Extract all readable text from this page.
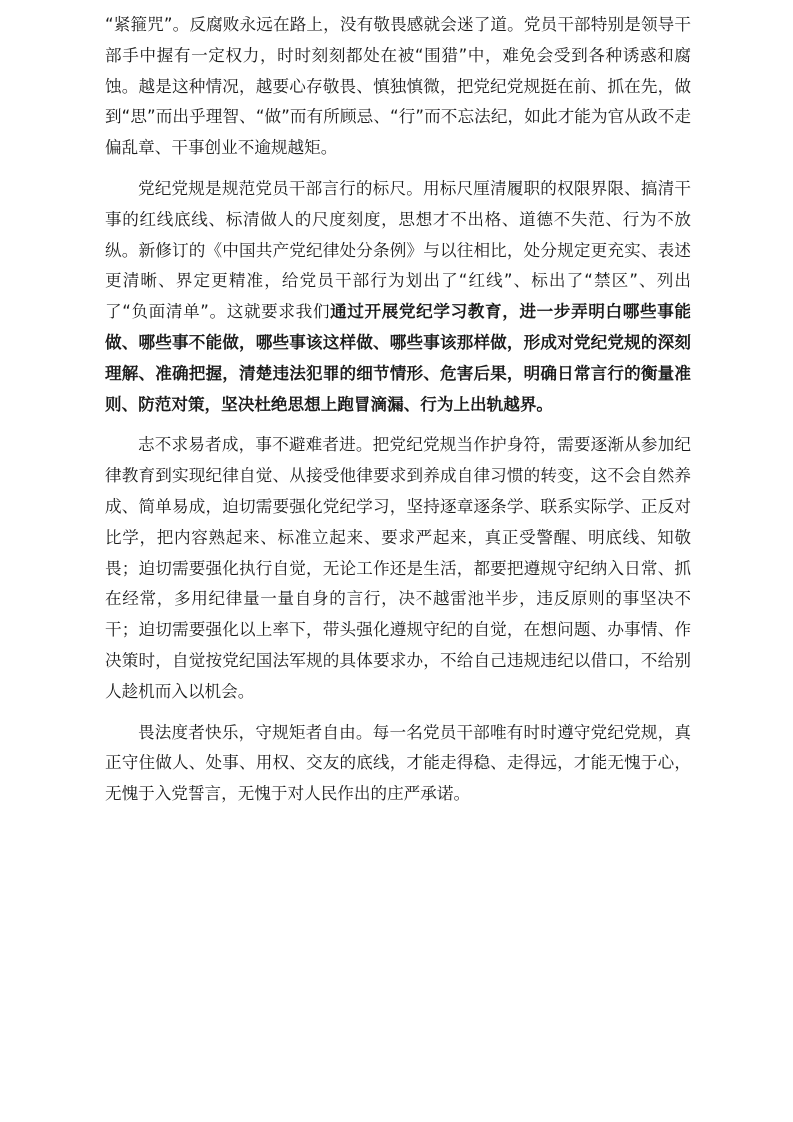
“紧箍咒”。反腐败永远在路上，没有敬畏感就会迷了道。党员干部特别是领导干部手中握有一定权力，时时刻刻都处在被“围猎”中，难免会受到各种诱惑和腐蚀。越是这种情况，越要心存敬畏、慎独慎微，把党纪党规挺在前、抓在先，做到“思”而出乎理智、“做”而有所顾忌、“行”而不忘法纪，如此才能为官从政不走偏乱章、干事创业不逾规越矩。

党纪党规是规范党员干部言行的标尺。用标尺厘清履职的权限界限、搞清干事的红线底线、标清做人的尺度刻度，思想才不出格、道德不失范、行为不放纵。新修订的《中国共产党纪律处分条例》与以往相比，处分规定更充实、表述更清晰、界定更精准，给党员干部行为划出了“红线”、标出了“禁区”、列出了“负面清单”。这就要求我们通过开展党纪学习教育，进一步弄明白哪些事能做、哪些事不能做，哪些事该这样做、哪些事该那样做，形成对党纪党规的深刻理解、准确把握，清楚违法犯罪的细节情形、危害后果，明确日常言行的衡量准则、防范对策，坚决杜绝思想上跑冒滴漏、行为上出轨越界。

志不求易者成，事不避难者进。把党纪党规当作护身符，需要逐渐从参加纪律教育到实现纪律自觉、从接受他律要求到养成自律习惯的转变，这不会自然养成、简单易成，迫切需要强化党纪学习，坚持逐章逐条学、联系实际学、正反对比学，把内容熟起来、标准立起来、要求严起来，真正受警醒、明底线、知敬畏；迫切需要强化执行自觉，无论工作还是生活，都要把遵规守纪纳入日常、抓在经常，多用纪律量一量自身的言行，决不越雷池半步，违反原则的事坚决不干；迫切需要强化以上率下，带头强化遵规守纪的自觉，在想问题、办事情、作决策时，自觉按党纪国法军规的具体要求办，不给自己违规违纪以借口，不给别人趁机而入以机会。

畏法度者快乐，守规矩者自由。每一名党员干部唯有时时遵守党纪党规，真正守住做人、处事、用权、交友的底线，才能走得稳、走得远，才能无愧于心，无愧于入党誓言，无愧于对人民作出的庄严承诺。
